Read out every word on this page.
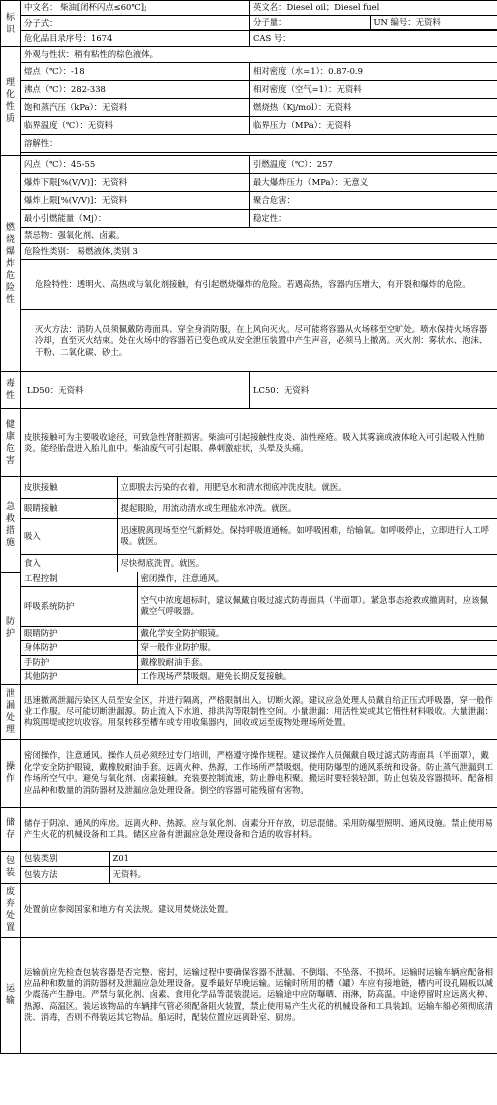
标识	中文名： 柴油[闭杯闪点≤60℃];	英文名：Diesel oil；Diesel fuel
分子式：		分子量：	UN 编号：无资料

危化品目录序号：1674	CAS 号：
理化性质	外观与性状：稍有粘性的棕色液体。
熔点（℃）：-18	相对密度（水=1）：0.87-0.9
沸点（℃）：282-338	相对密度（空气=1）：无资料
饱和蒸汽压（kPa）：无资料	燃烧热（Kj/mol）：无资料
临界温度（℃）：无资料	临界压力（MPa）：无资料
溶解性：

燃烧爆炸危险性	闪点（℃）：45-55	引燃温度（℃）：257
爆炸下限[%(V/V)]：无资料	最大爆炸压力（MPa）：无意义
爆炸上限[%(V/V)]：无资料	聚合危害：
最小引燃能量（Mj）：	稳定性：
禁忌物：强氧化剂、卤素。
危险性类别： 易燃液体,类别 3
危险特性：透明火、高热或与氧化剂接触，有引起燃烧爆炸的危险。若遇高热，容器内压增大，有开裂和爆炸的危险。
灭火方法：消防人员须佩戴防毒面具、穿全身消防服，在上风向灭火。尽可能将容器从火场移至空旷处。喷水保持火场容器冷却，直至灭火结束。处在火场中的容器若已变色或从安全泄压装置中产生声音，必须马上撤离。灭火剂：雾状水、泡沫、干粉、二氧化碳、砂土。
毒性	LD50：无资料	LC50：无资料
健康危害	皮肤接触可为主要吸收途径，可致急性肾脏损害。柴油可引起接触性皮炎、油性痤疮。吸入其雾滴或液体呛入可引起吸入性肺炎。能经胎盘进入胎儿血中。柴油废气可引起眼、鼻刺激症状，头晕及头痛。
急救措施	
皮肤接触	立即脱去污染的衣着，用肥皂水和清水彻底冲洗皮肤。就医。
眼睛接触	提起眼睑，用流动清水或生理盐水冲洗。就医。
吸入	迅速脱离现场至空气新鲜处。保持呼吸道通畅。如呼吸困难，给输氧。如呼吸停止，立即进行人工呼吸。就医。
食入	尽快彻底洗胃。就医。

防护	
工程控制	密闭操作，注意通风。
呼吸系统防护	空气中浓度超标时，建议佩戴自吸过滤式防毒面具（半面罩）。紧急事态抢救或撤离时，应该佩戴空气呼吸器。
眼睛防护	戴化学安全防护眼镜。
身体防护	穿一般作业防护服。
手防护	戴橡胶耐油手套。
其他防护	工作现场严禁吸烟。避免长期反复接触。

泄漏处理	迅速撤离泄漏污染区人员至安全区，并进行隔离，严格限制出入。切断火源。建议应急处理人员戴自给正压式呼吸器，穿一般作业工作服。尽可能切断泄漏源。防止流入下水道、排洪沟等限制性空间。小量泄漏：用活性炭或其它惰性材料吸收。大量泄漏：构筑围堤或挖坑收容。用泵转移至槽车或专用收集器内，回收或运至废物处理场所处置。
操作	密闭操作，注意通风。操作人员必须经过专门培训，严格遵守操作规程。建议操作人员佩戴自吸过滤式防毒面具（半面罩），戴化学安全防护眼镜，戴橡胶耐油手套。远离火种、热源，工作场所严禁吸烟。使用防爆型的通风系统和设备。防止蒸气泄漏到工作场所空气中。避免与氧化剂、卤素接触。充装要控制流速，防止静电积聚。搬运时要轻装轻卸，防止包装及容器损坏。配备相应品种和数量的消防器材及泄漏应急处理设备。倒空的容器可能残留有害物。
储存	储存于阴凉、通风的库房。远离火种、热源。应与氧化剂、卤素分开存放，切忌混储。采用防爆型照明、通风设施。禁止使用易产生火花的机械设备和工具。储区应备有泄漏应急处理设备和合适的收容材料。
包装	
包装类别	Z01
包装方法	无资料。

废弃处置	处置前应参阅国家和地方有关法规。建议用焚烧法处置。
运输	运输前应先检查包装容器是否完整、密封，运输过程中要确保容器不泄漏、不倒塌、不坠落、不损坏。运输时运输车辆应配备相应品种和数量的消防器材及泄漏应急处理设备。夏季最好早晚运输。运输时所用的槽（罐）车应有接地链，槽内可设孔隔板以减少震荡产生静电。严禁与氧化剂、卤素、食用化学品等混装混运。运输途中应防曝晒、雨淋，防高温。中途停留时应远离火种、热源、高温区。装运该物品的车辆排气管必须配备阻火装置，禁止使用易产生火花的机械设备和工具装卸。运输车船必须彻底清洗、消毒，否则不得装运其它物品。船运时，配装位置应远离卧室、厨房。
